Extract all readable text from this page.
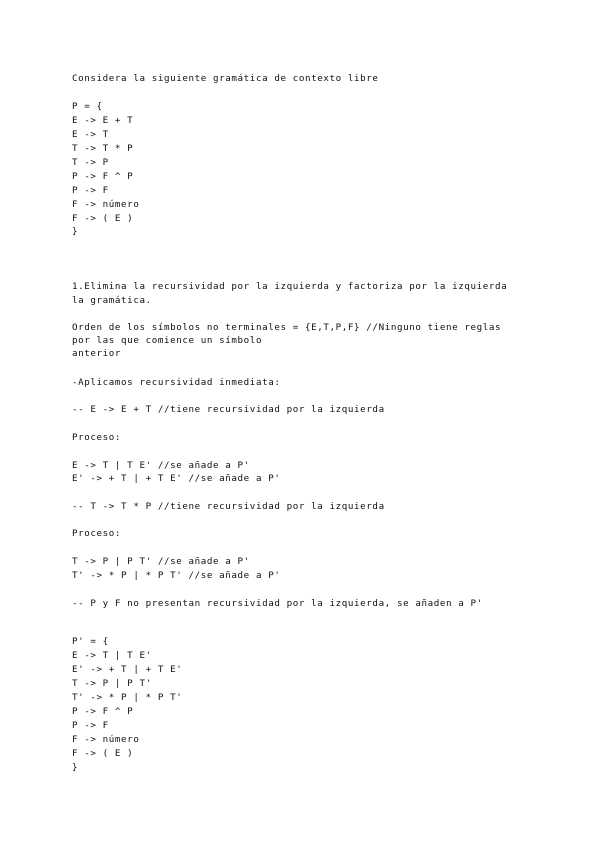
Considera la siguiente gramática de contexto libre

P = {

E -> E + T

E -> T

T -> T * P

T -> P

P -> F ^ P

P -> F

F -> número

F -> ( E )

}

1.Elimina la recursividad por la izquierda y factoriza por la izquierda

la gramática.

Orden de los símbolos no terminales = {E,T,P,F} //Ninguno tiene reglas

por las que comience un símbolo

anterior

-Aplicamos recursividad inmediata:

-- E -> E + T //tiene recursividad por la izquierda

Proceso:

E -> T | T E' //se añade a P'

E' -> + T | + T E' //se añade a P'

-- T -> T * P //tiene recursividad por la izquierda

Proceso:

T -> P | P T' //se añade a P'

T' -> * P | * P T' //se añade a P'

-- P y F no presentan recursividad por la izquierda, se añaden a P'

P' = {

E -> T | T E'

E' -> + T | + T E'

T -> P | P T'

T' -> * P | * P T'

P -> F ^ P

P -> F

F -> número

F -> ( E )

}
